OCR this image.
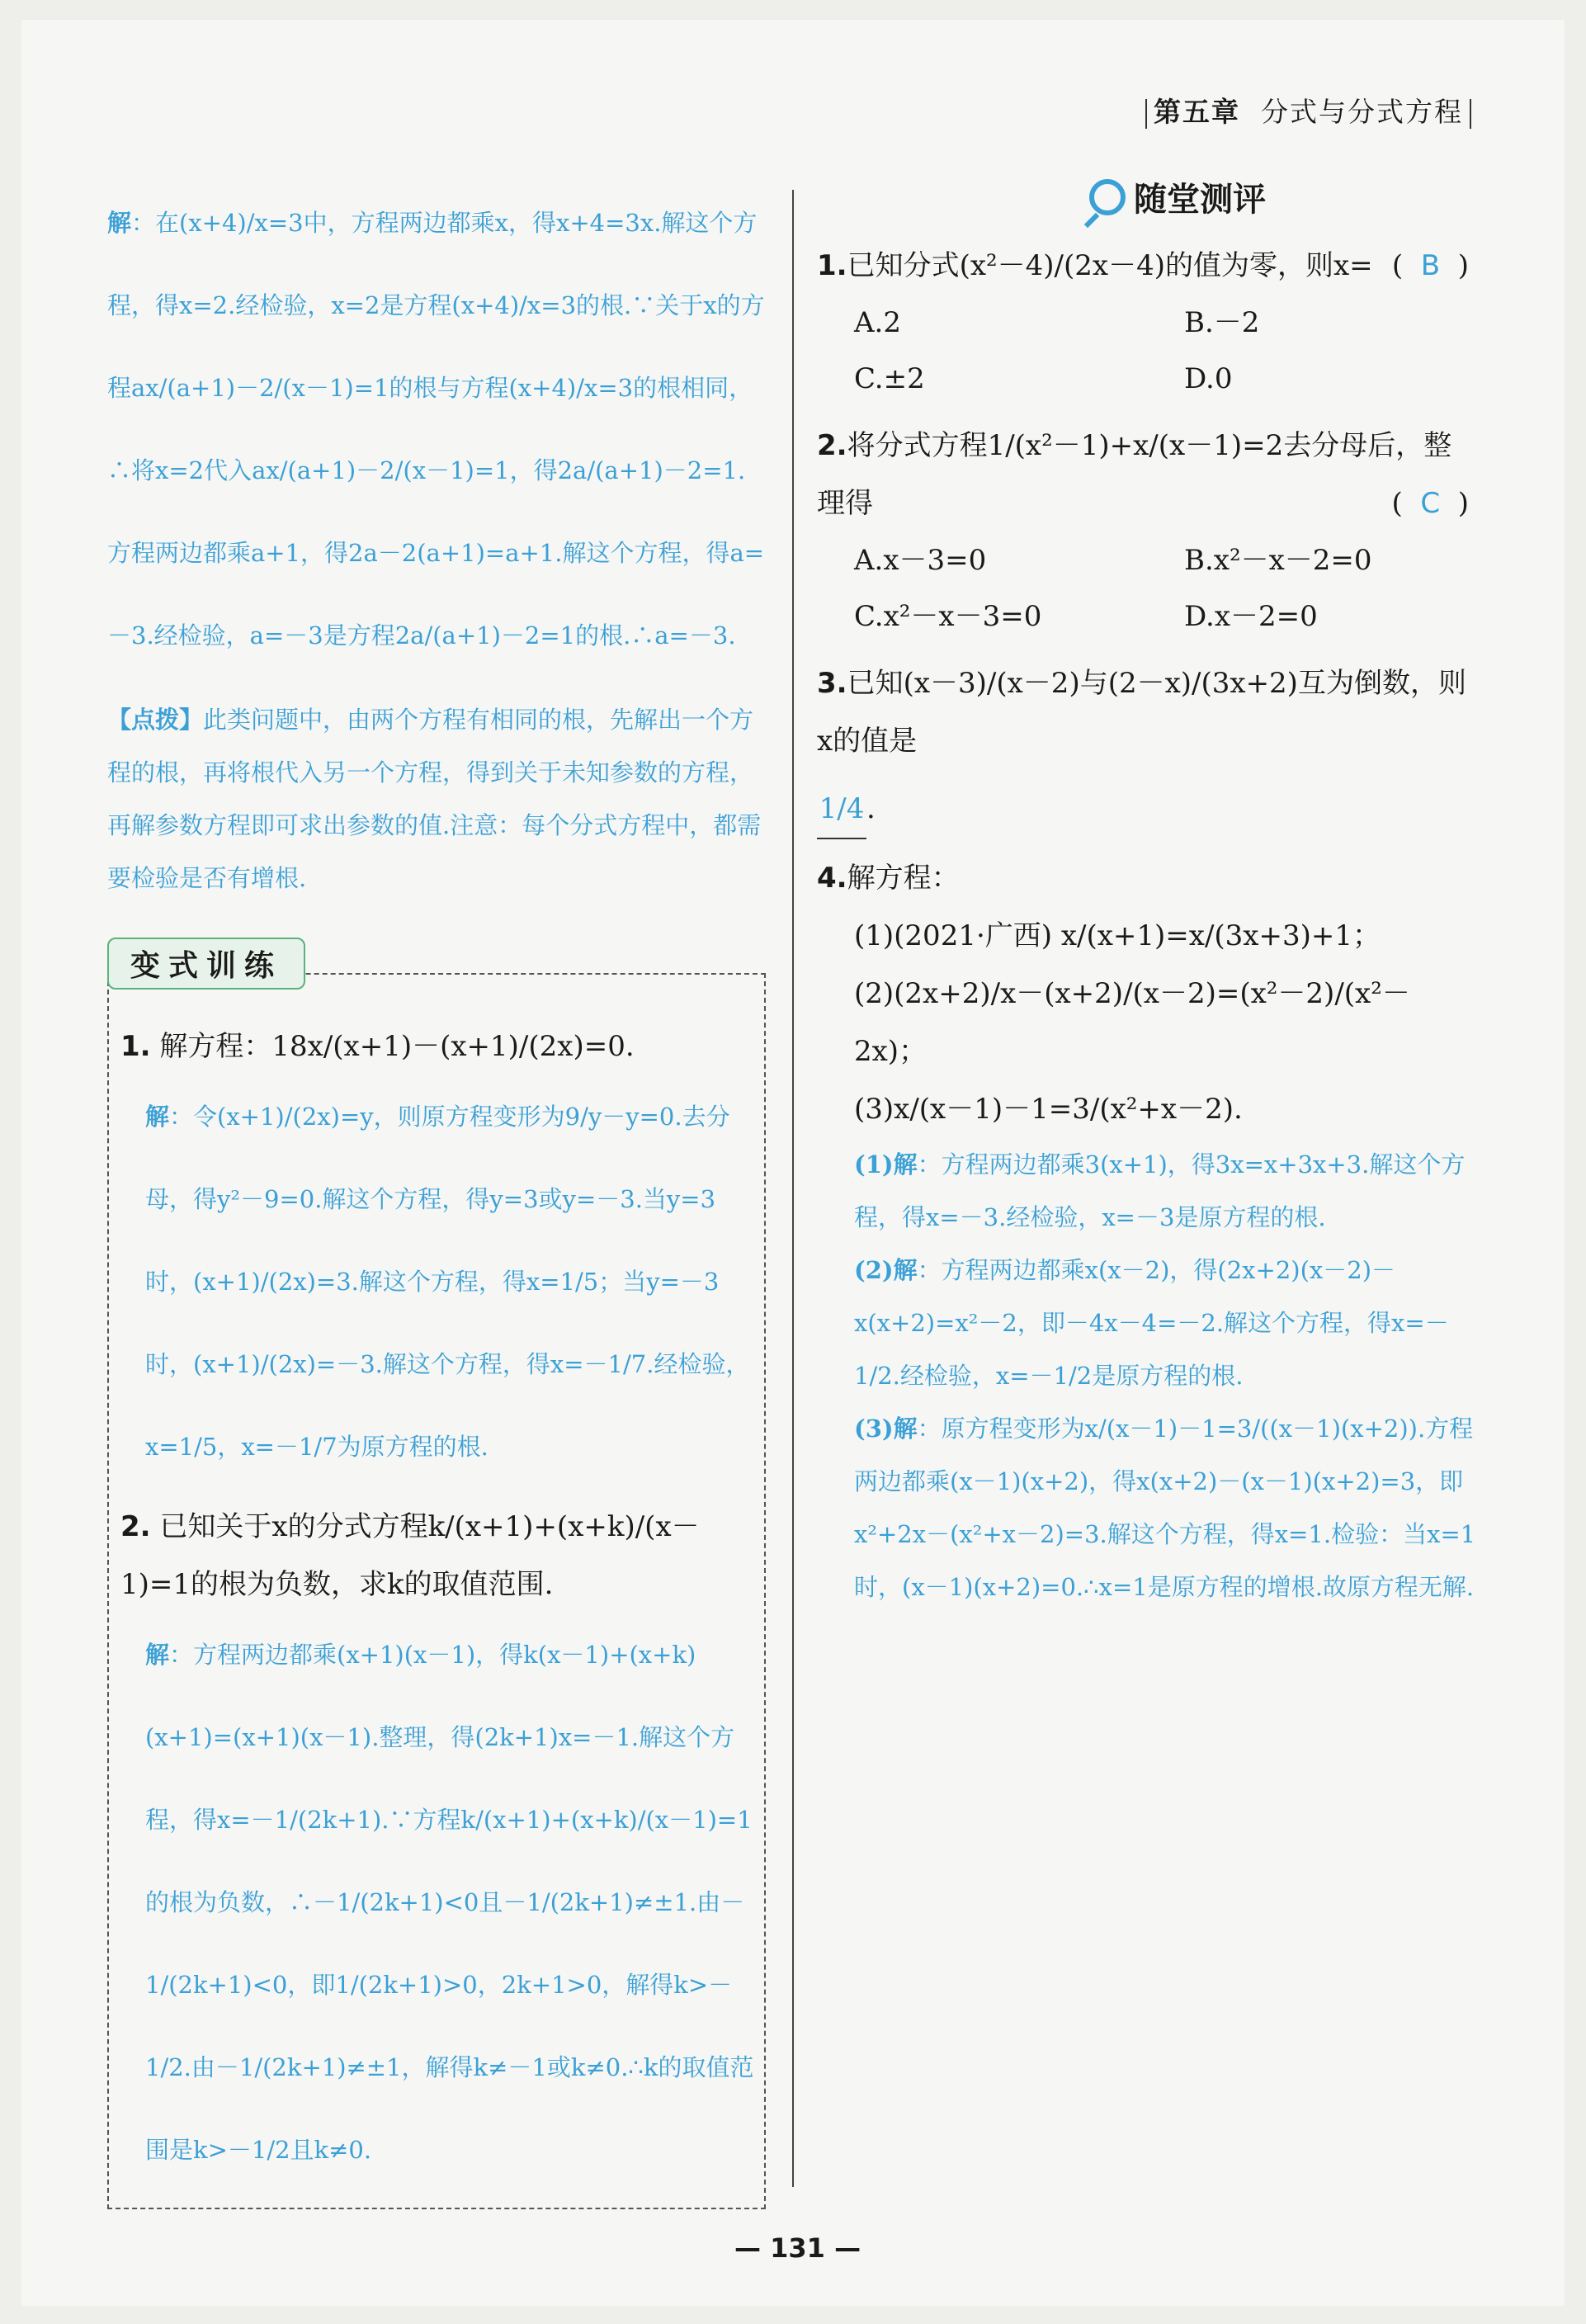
第五章 分式与分式方程
解：在(x+4)/x=3中，方程两边都乘x，得x+4=3x.解这个方程，得x=2.经检验，x=2是方程(x+4)/x=3的根.∵关于x的方程ax/(a+1)－2/(x－1)=1的根与方程(x+4)/x=3的根相同，∴将x=2代入ax/(a+1)－2/(x－1)=1，得2a/(a+1)－2=1.方程两边都乘a+1，得2a－2(a+1)=a+1.解这个方程，得a=－3.经检验，a=－3是方程2a/(a+1)－2=1的根.∴a=－3.
【点拨】此类问题中，由两个方程有相同的根，先解出一个方程的根，再将根代入另一个方程，得到关于未知参数的方程，再解参数方程即可求出参数的值.注意：每个分式方程中，都需要检验是否有增根.
变式训练
1. 解方程：18x/(x+1)－(x+1)/(2x)=0.
解：令(x+1)/(2x)=y，则原方程变形为9/y－y=0.去分母，得y²－9=0.解这个方程，得y=3或y=－3.当y=3时，(x+1)/(2x)=3.解这个方程，得x=1/5；当y=－3时，(x+1)/(2x)=－3.解这个方程，得x=－1/7.经检验，x=1/5，x=－1/7为原方程的根.
2. 已知关于x的分式方程k/(x+1)+(x+k)/(x－1)=1的根为负数，求k的取值范围.
解：方程两边都乘(x+1)(x－1)，得k(x－1)+(x+k)(x+1)=(x+1)(x－1).整理，得(2k+1)x=－1.解这个方程，得x=－1/(2k+1).∵方程k/(x+1)+(x+k)/(x－1)=1的根为负数，∴－1/(2k+1)<0且－1/(2k+1)≠±1.由－1/(2k+1)<0，即1/(2k+1)>0，2k+1>0，解得k>－1/2.由－1/(2k+1)≠±1，解得k≠－1或k≠0.∴k的取值范围是k>－1/2且k≠0.
随堂测评
1.已知分式(x²－4)/(2x－4)的值为零，则x= (  B  )
A.2	B.－2
C.±2	D.0
2.将分式方程1/(x²－1)+x/(x－1)=2去分母后，整理得	(  C  )
A.x－3=0	B.x²－x－2=0
C.x²－x－3=0	D.x－2=0
3.已知(x－3)/(x－2)与(2－x)/(3x+2)互为倒数，则x的值是
1/4.
4.解方程：
(1)(2021·广西) x/(x+1)=x/(3x+3)+1；
(2)(2x+2)/x－(x+2)/(x－2)=(x²－2)/(x²－2x)；
(3)x/(x－1)－1=3/(x²+x－2).
(1)解：方程两边都乘3(x+1)，得3x=x+3x+3.解这个方程，得x=－3.经检验，x=－3是原方程的根.
(2)解：方程两边都乘x(x－2)，得(2x+2)(x－2)－x(x+2)=x²－2，即－4x－4=－2.解这个方程，得x=－1/2.经检验，x=－1/2是原方程的根.
(3)解：原方程变形为x/(x－1)－1=3/((x－1)(x+2)).方程两边都乘(x－1)(x+2)，得x(x+2)－(x－1)(x+2)=3，即x²+2x－(x²+x－2)=3.解这个方程，得x=1.检验：当x=1时，(x－1)(x+2)=0.∴x=1是原方程的增根.故原方程无解.
— 131 —
